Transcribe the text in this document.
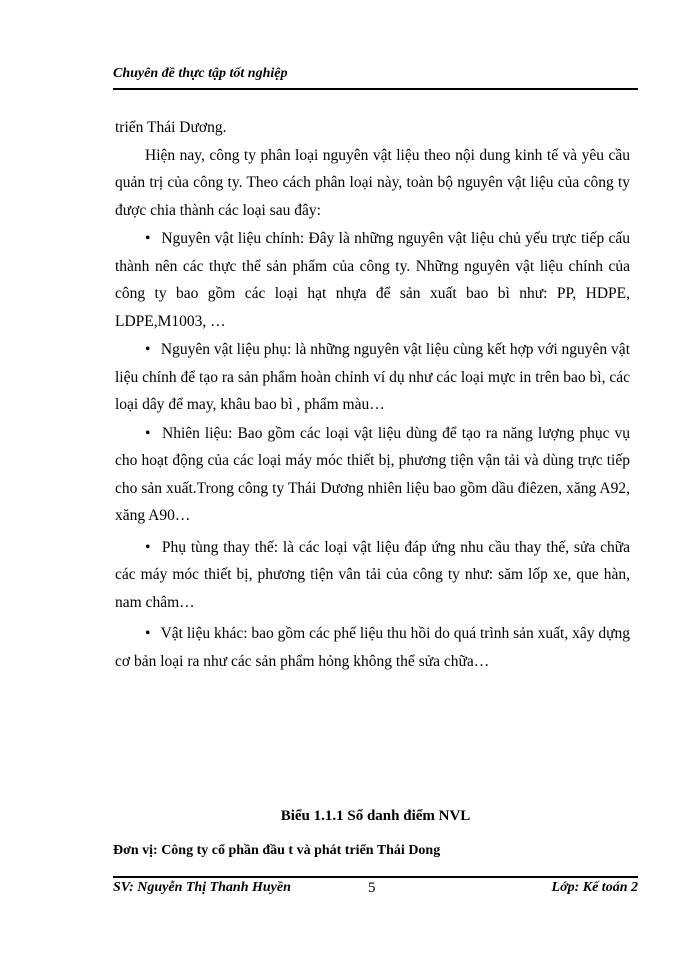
Chuyên đề thực tập tốt nghiệp

triển Thái Dương.

Hiện nay, công ty phân loại nguyên vật liệu theo nội dung kinh tế và yêu cầu quản trị của công ty. Theo cách phân loại này, toàn bộ nguyên vật liệu của công ty được chia thành các loại sau đây:

• Nguyên vật liệu chính: Đây là những nguyên vật liệu chủ yếu trực tiếp cấu thành nên các thực thể sản phẩm của công ty. Những nguyên vật liệu chính của công ty bao gồm các loại hạt nhựa để sản xuất bao bì như: PP, HDPE, LDPE,M1003, …

• Nguyên vật liệu phụ: là những nguyên vật liệu cùng kết hợp với nguyên vật liệu chính để tạo ra sản phẩm hoàn chỉnh ví dụ như các loại mực in trên bao bì, các loại dây để may, khâu bao bì , phẩm màu…

• Nhiên liệu: Bao gồm các loại vật liệu dùng để tạo ra năng lượng phục vụ cho hoạt động của các loại máy móc thiết bị, phương tiện vận tải và dùng trực tiếp cho sản xuất.Trong công ty Thái Dương nhiên liệu bao gồm dầu điêzen, xăng A92, xăng A90…

• Phụ tùng thay thế: là các loại vật liệu đáp ứng nhu cầu thay thế, sửa chữa các máy móc thiết bị, phương tiện vân tải của công ty như: săm lốp xe, que hàn, nam châm…

• Vật liệu khác: bao gồm các phế liệu thu hồi do quá trình sản xuất, xây dựng cơ bản loại ra như các sản phẩm hỏng không thể sửa chữa…

Biểu 1.1.1 Sổ danh điểm NVL
Đơn vị: Công ty cổ phần đầu t và phát triển Thái Dong
SV: Nguyễn Thị Thanh Huyền	5	Lớp: Kế toán 2
